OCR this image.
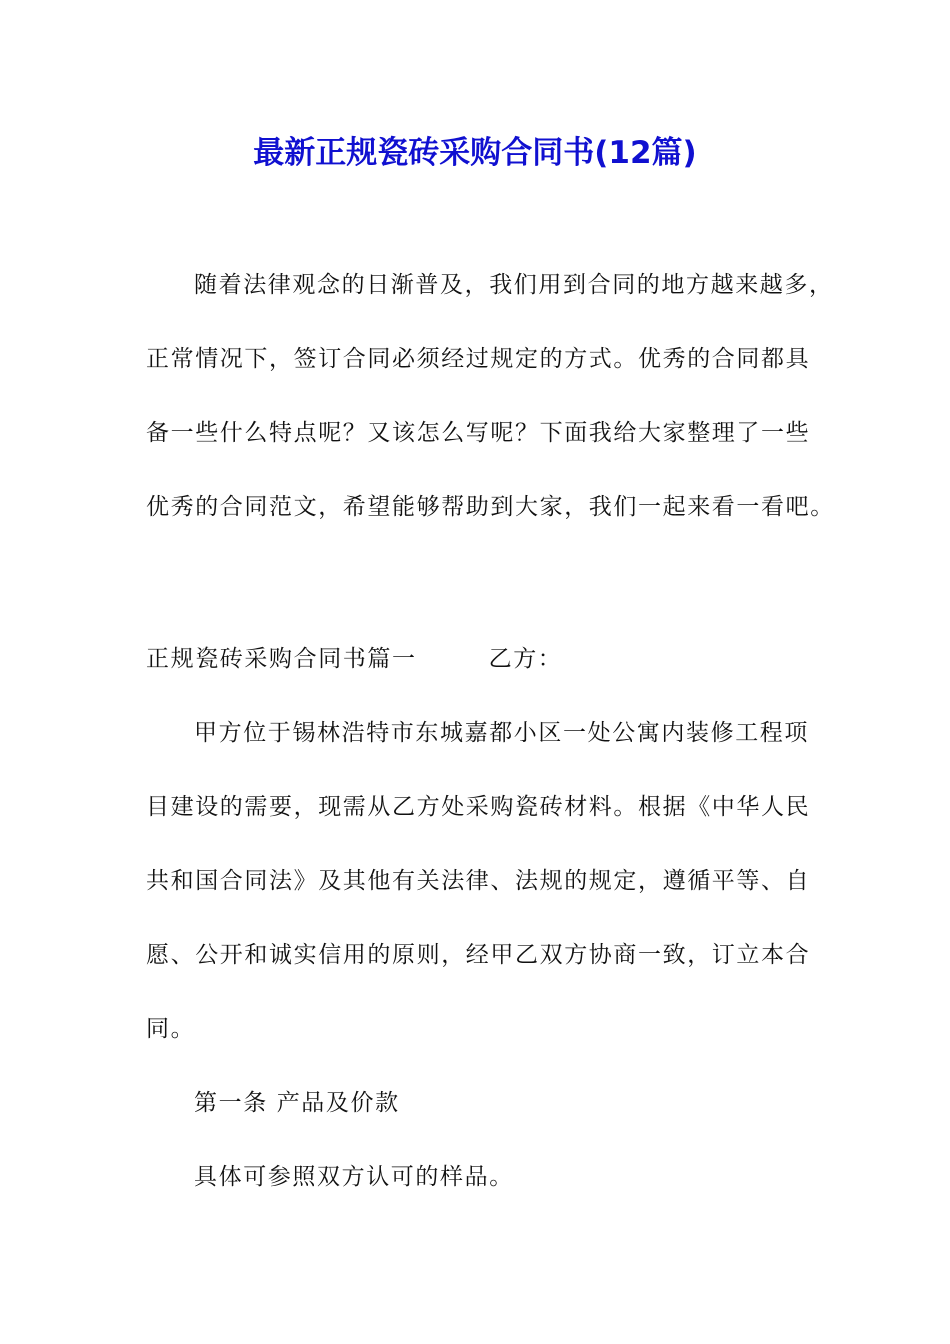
最新正规瓷砖采购合同书(12篇)
随着法律观念的日渐普及，我们用到合同的地方越来越多，
正常情况下，签订合同必须经过规定的方式。优秀的合同都具
备一些什么特点呢？又该怎么写呢？下面我给大家整理了一些
优秀的合同范文，希望能够帮助到大家，我们一起来看一看吧。
正规瓷砖采购合同书篇一	乙方：
甲方位于锡林浩特市东城嘉都小区一处公寓内装修工程项
目建设的需要，现需从乙方处采购瓷砖材料。根据《中华人民
共和国合同法》及其他有关法律、法规的规定，遵循平等、自
愿、公开和诚实信用的原则，经甲乙双方协商一致，订立本合
同。
第一条 产品及价款
具体可参照双方认可的样品。
